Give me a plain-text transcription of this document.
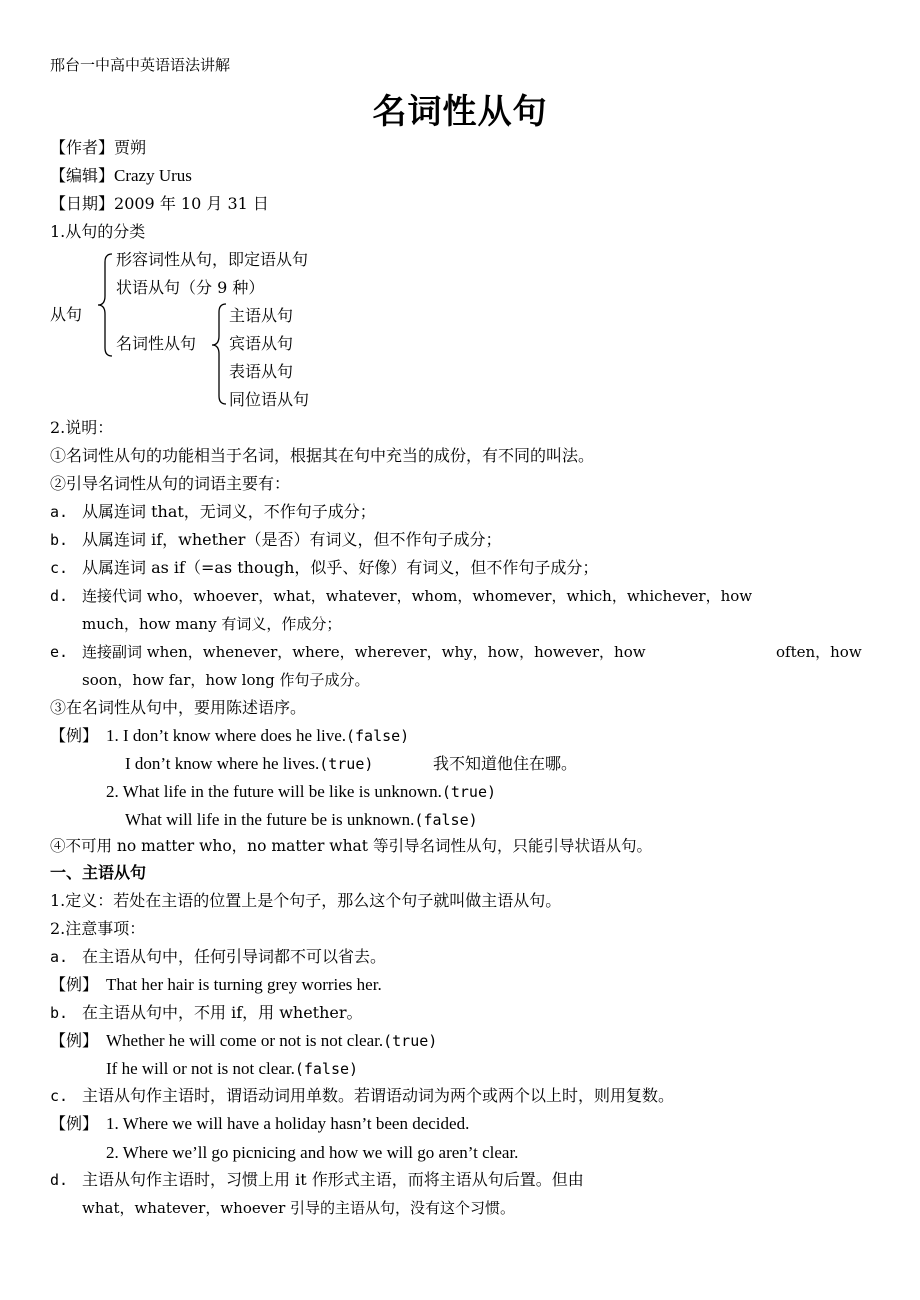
邢台一中高中英语语法讲解
名词性从句
【作者】贾朔
【编辑】Crazy Urus
【日期】2009 年 10 月 31 日
1.从句的分类
从句
形容词性从句，即定语从句
状语从句（分 9 种）
名词性从句
主语从句
宾语从句
表语从句
同位语从句
2.说明：
①名词性从句的功能相当于名词，根据其在句中充当的成份，有不同的叫法。
②引导名词性从句的词语主要有：
a. 从属连词 that，无词义，不作句子成分；
b. 从属连词 if，whether（是否）有词义，但不作句子成分；
c. 从属连词 as if（=as though，似乎、好像）有词义，但不作句子成分；
d. 连接代词 who，whoever，what，whatever，whom，whomever，which，whichever，how
much，how many 有词义，作成分；
e. 连接副词 when，whenever，where，wherever，why，how，however，how	often，how
soon，how far，how long 作句子成分。
③在名词性从句中，要用陈述语序。
【例】 1. I don’t know where does he live.(false)
I don’t know where he lives.(true)	我不知道他住在哪。
2. What life in the future will be like is unknown.(true)
What will life in the future be is unknown.(false)
④不可用 no matter who，no matter what 等引导名词性从句，只能引导状语从句。
一、主语从句
1.定义：若处在主语的位置上是个句子，那么这个句子就叫做主语从句。
2.注意事项：
a. 在主语从句中，任何引导词都不可以省去。
【例】 That her hair is turning grey worries her.
b. 在主语从句中，不用 if，用 whether。
【例】 Whether he will come or not is not clear.(true)
If he will or not is not clear.(false)
c. 主语从句作主语时，谓语动词用单数。若谓语动词为两个或两个以上时，则用复数。
【例】 1. Where we will have a holiday hasn’t been decided.
2. Where we’ll go picnicing and how we will go aren’t clear.
d. 主语从句作主语时，习惯上用 it 作形式主语，而将主语从句后置。但由
what，whatever，whoever 引导的主语从句，没有这个习惯。
